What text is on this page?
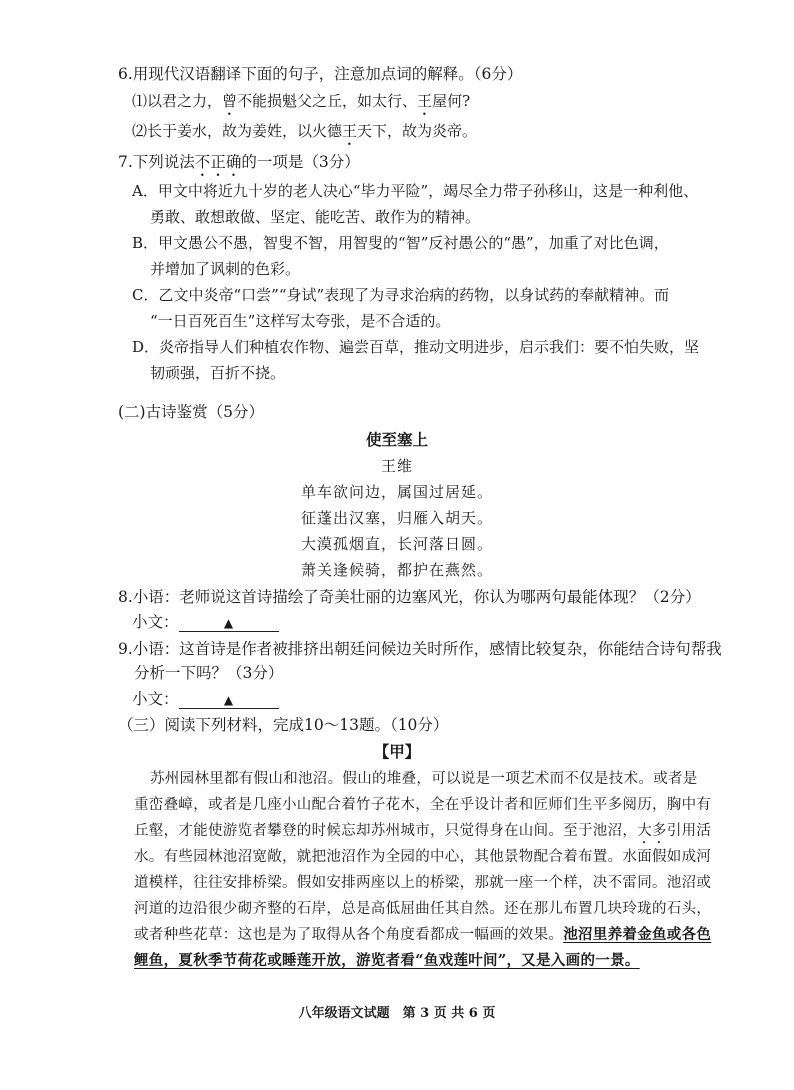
6.用现代汉语翻译下面的句子，注意加点词的解释。（6分）
⑴以君之力，曾不能损魁父之丘，如太行、王屋何?
⑵长于姜水，故为姜姓，以火德王天下，故为炎帝。
7.下列说法不正确的一项是（3分）
A．甲文中将近九十岁的老人决心“毕力平险”，竭尽全力带子孙移山，这是一种利他、
勇敢、敢想敢做、坚定、能吃苦、敢作为的精神。
B．甲文愚公不愚，智叟不智，用智叟的“智”反衬愚公的“愚”，加重了对比色调，
并增加了讽刺的色彩。
C．乙文中炎帝“口尝”“身试”表现了为寻求治病的药物，以身试药的奉献精神。而
“一日百死百生”这样写太夸张，是不合适的。
D．炎帝指导人们种植农作物、遍尝百草，推动文明进步，启示我们：要不怕失败，坚
韧顽强，百折不挠。
(二)古诗鉴赏（5分）
使至塞上
王维
单车欲问边，属国过居延。
征蓬出汉塞，归雁入胡天。
大漠孤烟直，长河落日圆。
萧关逢候骑，都护在燕然。
8.小语：老师说这首诗描绘了奇美壮丽的边塞风光，你认为哪两句最能体现？（2分）
小文：	▲
9.小语：这首诗是作者被排挤出朝廷问候边关时所作，感情比较复杂，你能结合诗句帮我
分析一下吗？（3分）
小文：	▲
（三）阅读下列材料，完成10～13题。（10分）
【甲】
苏州园林里都有假山和池沼。假山的堆叠，可以说是一项艺术而不仅是技术。或者是
重峦叠嶂，或者是几座小山配合着竹子花木，全在乎设计者和匠师们生平多阅历，胸中有
丘壑，才能使游览者攀登的时候忘却苏州城市，只觉得身在山间。至于池沼，大多引用活
水。有些园林池沼宽敞，就把池沼作为全园的中心，其他景物配合着布置。水面假如成河
道模样，往往安排桥梁。假如安排两座以上的桥梁，那就一座一个样，决不雷同。池沼或
河道的边沿很少砌齐整的石岸，总是高低屈曲任其自然。还在那儿布置几块玲珑的石头，
或者种些花草：这也是为了取得从各个角度看都成一幅画的效果。池沼里养着金鱼或各色
鲤鱼，夏秋季节荷花或睡莲开放，游览者看“鱼戏莲叶间”，又是入画的一景。
八年级语文试题　第 3 页 共 6 页
